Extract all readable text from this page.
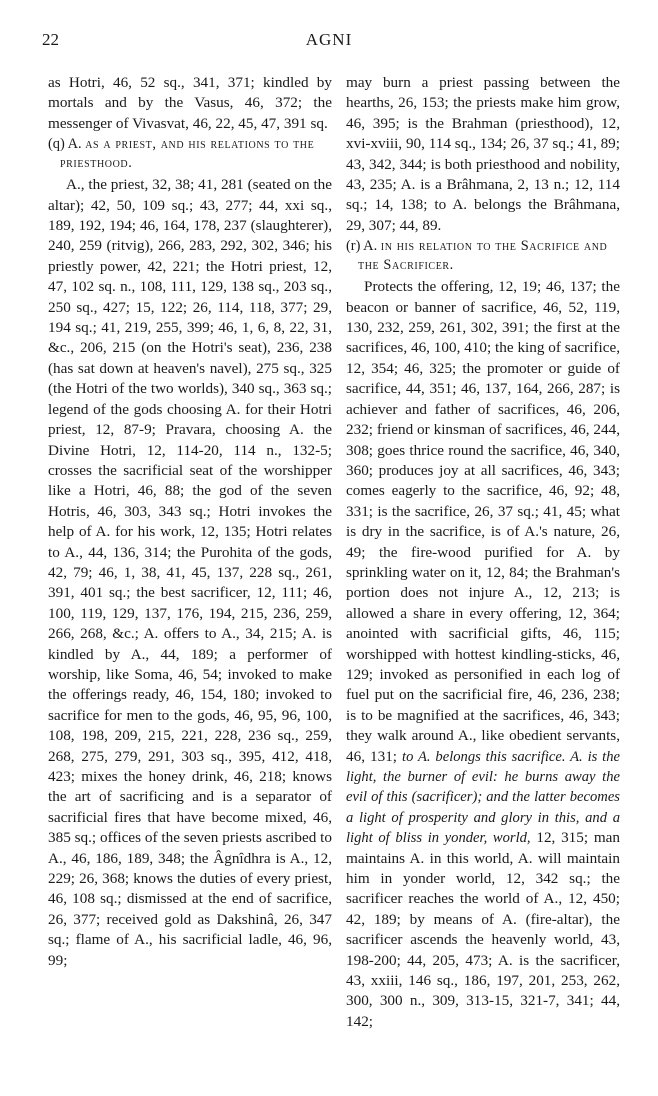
22	AGNI

as Hotri, 46, 52 sq., 341, 371; kindled by mortals and by the Vasus, 46, 372; the messenger of Vivasvat, 46, 22, 45, 47, 391 sq.

(q) A. as a priest, and his relations to the priesthood.

A., the priest, 32, 38; 41, 281 (seated on the altar); 42, 50, 109 sq.; 43, 277; 44, xxi sq., 189, 192, 194; 46, 164, 178, 237 (slaughterer), 240, 259 (ritvig), 266, 283, 292, 302, 346; his priestly power, 42, 221; the Hotri priest, 12, 47, 102 sq. n., 108, 111, 129, 138 sq., 203 sq., 250 sq., 427; 15, 122; 26, 114, 118, 377; 29, 194 sq.; 41, 219, 255, 399; 46, 1, 6, 8, 22, 31, &c., 206, 215 (on the Hotri's seat), 236, 238 (has sat down at heaven's navel), 275 sq., 325 (the Hotri of the two worlds), 340 sq., 363 sq.; legend of the gods choosing A. for their Hotri priest, 12, 87-9; Pravara, choosing A. the Divine Hotri, 12, 114-20, 114 n., 132-5; crosses the sacrificial seat of the worshipper like a Hotri, 46, 88; the god of the seven Hotris, 46, 303, 343 sq.; Hotri invokes the help of A. for his work, 12, 135; Hotri relates to A., 44, 136, 314; the Purohita of the gods, 42, 79; 46, 1, 38, 41, 45, 137, 228 sq., 261, 391, 401 sq.; the best sacrificer, 12, 111; 46, 100, 119, 129, 137, 176, 194, 215, 236, 259, 266, 268, &c.; A. offers to A., 34, 215; A. is kindled by A., 44, 189; a performer of worship, like Soma, 46, 54; invoked to make the offerings ready, 46, 154, 180; invoked to sacrifice for men to the gods, 46, 95, 96, 100, 108, 198, 209, 215, 221, 228, 236 sq., 259, 268, 275, 279, 291, 303 sq., 395, 412, 418, 423; mixes the honey drink, 46, 218; knows the art of sacrificing and is a separator of sacrificial fires that have become mixed, 46, 385 sq.; offices of the seven priests ascribed to A., 46, 186, 189, 348; the Âgnîdhra is A., 12, 229; 26, 368; knows the duties of every priest, 46, 108 sq.; dismissed at the end of sacrifice, 26, 377; received gold as Dakshinâ, 26, 347 sq.; flame of A., his sacrificial ladle, 46, 96, 99;

may burn a priest passing between the hearths, 26, 153; the priests make him grow, 46, 395; is the Brahman (priesthood), 12, xvi-xviii, 90, 114 sq., 134; 26, 37 sq.; 41, 89; 43, 342, 344; is both priesthood and nobility, 43, 235; A. is a Brâhmana, 2, 13 n.; 12, 114 sq.; 14, 138; to A. belongs the Brâhmana, 29, 307; 44, 89.

(r) A. in his relation to the Sacrifice and the Sacrificer.

Protects the offering, 12, 19; 46, 137; the beacon or banner of sacrifice, 46, 52, 119, 130, 232, 259, 261, 302, 391; the first at the sacrifices, 46, 100, 410; the king of sacrifice, 12, 354; 46, 325; the promoter or guide of sacrifice, 44, 351; 46, 137, 164, 266, 287; is achiever and father of sacrifices, 46, 206, 232; friend or kinsman of sacrifices, 46, 244, 308; goes thrice round the sacrifice, 46, 340, 360; produces joy at all sacrifices, 46, 343; comes eagerly to the sacrifice, 46, 92; 48, 331; is the sacrifice, 26, 37 sq.; 41, 45; what is dry in the sacrifice, is of A.'s nature, 26, 49; the fire-wood purified for A. by sprinkling water on it, 12, 84; the Brahman's portion does not injure A., 12, 213; is allowed a share in every offering, 12, 364; anointed with sacrificial gifts, 46, 115; worshipped with hottest kindling-sticks, 46, 129; invoked as personified in each log of fuel put on the sacrificial fire, 46, 236, 238; is to be magnified at the sacrifices, 46, 343; they walk around A., like obedient servants, 46, 131; to A. belongs this sacrifice. A. is the light, the burner of evil: he burns away the evil of this (sacrificer); and the latter becomes a light of prosperity and glory in this, and a light of bliss in yonder, world, 12, 315; man maintains A. in this world, A. will maintain him in yonder world, 12, 342 sq.; the sacrificer reaches the world of A., 12, 450; 42, 189; by means of A. (fire-altar), the sacrificer ascends the heavenly world, 43, 198-200; 44, 205, 473; A. is the sacrificer, 43, xxiii, 146 sq., 186, 197, 201, 253, 262, 300, 300 n., 309, 313-15, 321-7, 341; 44, 142;
